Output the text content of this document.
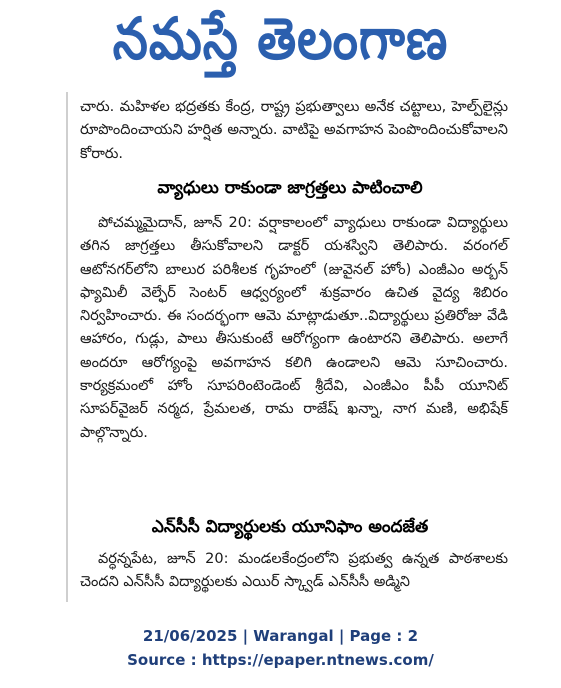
నమస్తే తెలంగాణ
చారు. మహిళల భద్రతకు కేంద్ర, రాష్ట్ర ప్రభుత్వాలు అనేక చట్టాలు, హెల్ప్‌లైన్లు రూపొందించాయని హర్షిత అన్నారు. వాటిపై అవగాహన పెంపొందించుకోవాలని కోరారు.
వ్యాధులు రాకుండా జాగ్రత్తలు పాటించాలి
పోచమ్మమైదాన్, జూన్ 20: వర్షాకాలంలో వ్యాధులు రాకుండా విద్యార్థులు తగిన జాగ్రత్తలు తీసుకోవాలని డాక్టర్ యశస్విని తెలిపారు. వరంగల్ ఆటోనగర్‌లోని బాలుర పరిశీలక గృహంలో (జువైనల్ హోం) ఎంజీఎం అర్బన్ ఫ్యామిలీ వెల్ఫేర్ సెంటర్ ఆధ్వర్యంలో శుక్రవారం ఉచిత వైద్య శిబిరం నిర్వహించారు. ఈ సందర్భంగా ఆమె మాట్లాడుతూ..విద్యార్థులు ప్రతిరోజు వేడి ఆహారం, గుడ్లు, పాలు తీసుకుంటే ఆరోగ్యంగా ఉంటారని తెలిపారు. అలాగే అందరూ ఆరోగ్యంపై అవగాహన కలిగి ఉండాలని ఆమె సూచించారు. కార్యక్రమంలో హోం సూపరింటెండెంట్ శ్రీదేవి, ఎంజీఎం పీపీ యూనిట్ సూపర్‌వైజర్ నర్మద, ప్రేమలత, రామ రాజేష్ ఖన్నా, నాగ మణి, అభిషేక్ పాల్గొన్నారు.
ఎన్‌సీసీ విద్యార్థులకు యూనిఫాం అందజేత
వర్ధన్నపేట, జూన్ 20: మండలకేంద్రంలోని ప్రభుత్వ ఉన్నత పాఠశాలకు చెందని ఎన్‌సీసీ విద్యార్థులకు ఎయిర్ స్క్వాడ్ ఎన్‌సీసీ అడ్మిని
21/06/2025 | Warangal | Page : 2
Source : https://epaper.ntnews.com/
